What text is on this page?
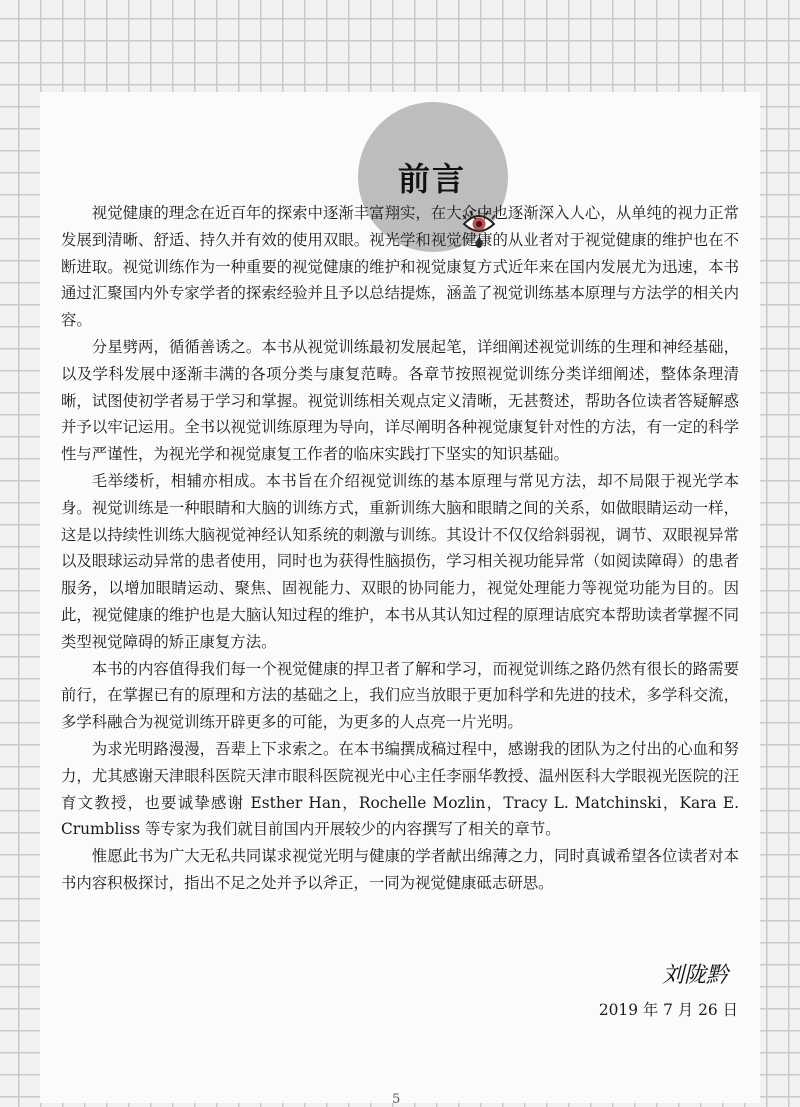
前言

视觉健康的理念在近百年的探索中逐渐丰富翔实，在大众中也逐渐深入人心，从单纯的视力正常发展到清晰、舒适、持久并有效的使用双眼。视光学和视觉健康的从业者对于视觉健康的维护也在不断进取。视觉训练作为一种重要的视觉健康的维护和视觉康复方式近年来在国内发展尤为迅速，本书通过汇聚国内外专家学者的探索经验并且予以总结提炼，涵盖了视觉训练基本原理与方法学的相关内容。

分星劈两，循循善诱之。本书从视觉训练最初发展起笔，详细阐述视觉训练的生理和神经基础，以及学科发展中逐渐丰满的各项分类与康复范畴。各章节按照视觉训练分类详细阐述，整体条理清晰，试图使初学者易于学习和掌握。视觉训练相关观点定义清晰，无甚赘述，帮助各位读者答疑解惑并予以牢记运用。全书以视觉训练原理为导向，详尽阐明各种视觉康复针对性的方法，有一定的科学性与严谨性，为视光学和视觉康复工作者的临床实践打下坚实的知识基础。

毛举缕析，相辅亦相成。本书旨在介绍视觉训练的基本原理与常见方法，却不局限于视光学本身。视觉训练是一种眼睛和大脑的训练方式，重新训练大脑和眼睛之间的关系，如做眼睛运动一样，这是以持续性训练大脑视觉神经认知系统的刺激与训练。其设计不仅仅给斜弱视，调节、双眼视异常以及眼球运动异常的患者使用，同时也为获得性脑损伤，学习相关视功能异常（如阅读障碍）的患者服务，以增加眼睛运动、聚焦、固视能力、双眼的协同能力，视觉处理能力等视觉功能为目的。因此，视觉健康的维护也是大脑认知过程的维护，本书从其认知过程的原理诘底究本帮助读者掌握不同类型视觉障碍的矫正康复方法。

本书的内容值得我们每一个视觉健康的捍卫者了解和学习，而视觉训练之路仍然有很长的路需要前行，在掌握已有的原理和方法的基础之上，我们应当放眼于更加科学和先进的技术，多学科交流，多学科融合为视觉训练开辟更多的可能，为更多的人点亮一片光明。

为求光明路漫漫，吾辈上下求索之。在本书编撰成稿过程中，感谢我的团队为之付出的心血和努力，尤其感谢天津眼科医院天津市眼科医院视光中心主任李丽华教授、温州医科大学眼视光医院的汪育文教授，也要诚挚感谢 Esther Han，Rochelle Mozlin，Tracy L. Matchinski，Kara E. Crumbliss 等专家为我们就目前国内开展较少的内容撰写了相关的章节。

惟愿此书为广大无私共同谋求视觉光明与健康的学者献出绵薄之力，同时真诚希望各位读者对本书内容积极探讨，指出不足之处并予以斧正，一同为视觉健康砥志研思。

刘陇黔
2019 年 7 月 26 日
5
